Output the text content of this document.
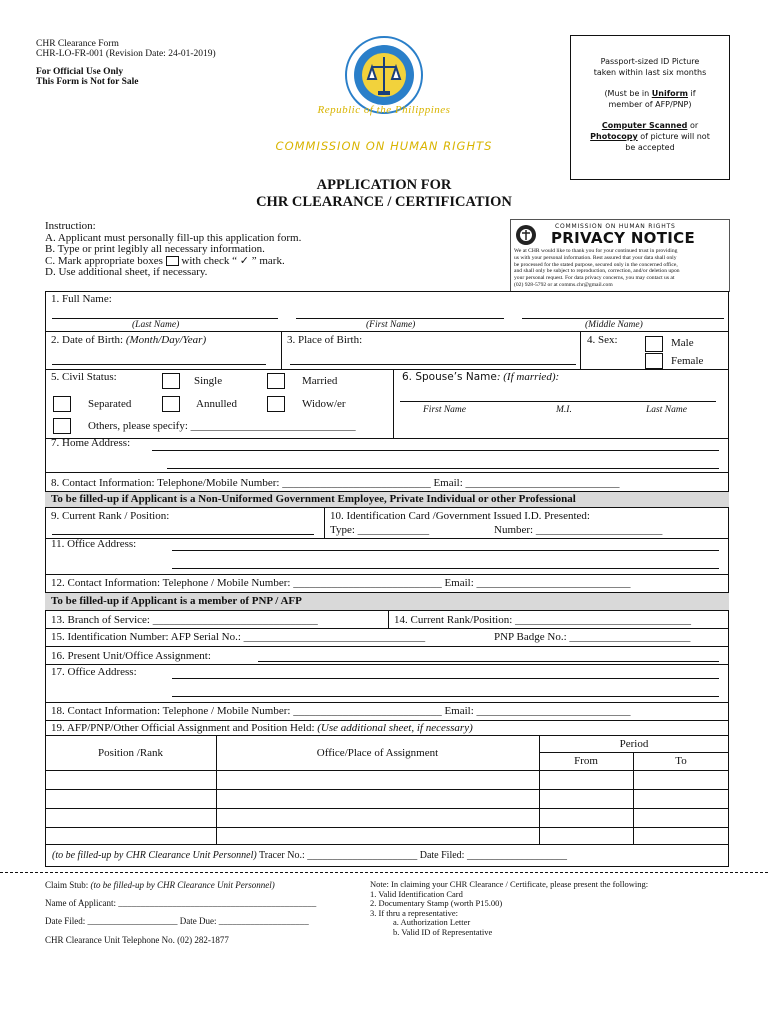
CHR Clearance Form
CHR-LO-FR-001 (Revision Date: 24-01-2019)
For Official Use Only
This Form is Not for Sale
Republic of the Philippines
COMMISSION ON HUMAN RIGHTS
Passport-sized ID Picture
taken within last six months
(Must be in Uniform if
member of AFP/PNP)
Computer Scanned or
Photocopy of picture will not
be accepted
APPLICATION FOR
CHR CLEARANCE / CERTIFICATION
Instruction:
A. Applicant must personally fill-up this application form.
B. Type or print legibly all necessary information.
C. Mark appropriate boxes with check “ ✓ ” mark.
D. Use additional sheet, if necessary.
COMMISSION ON HUMAN RIGHTS
PRIVACY NOTICE
We at CHR would like to thank you for your continued trust in providing
us with your personal information. Rest assured that your data shall only
be processed for the stated purpose, secured only in the concerned office,
and shall only be subject to reproduction, correction, and/or deletion upon
your personal request. For data privacy concerns, you may contact us at
(02) 928-5792 or at comms.chr@gmail.com
1. Full Name:
(Last Name)	(First Name)	(Middle Name)
2. Date of Birth: (Month/Day/Year)	3. Place of Birth:	4. Sex:	Male
Female
5. Civil Status:	Single	Married
Separated	Annulled	Widow/er
Others, please specify: ______________________________
6. Spouse’s Name: (If married):
First Name	M.I.	Last Name
7. Home Address:
8. Contact Information: Telephone/Mobile Number: ___________________________ Email: ____________________________
To be filled-up if Applicant is a Non-Uniformed Government Employee, Private Individual or other Professional
9. Current Rank / Position:	10. Identification Card /Government Issued I.D. Presented:
Type: _____________	Number: _______________________
11. Office Address:
12. Contact Information: Telephone / Mobile Number: ___________________________ Email: ____________________________
To be filled-up if Applicant is a member of PNP / AFP
13. Branch of Service: ______________________________	14. Current Rank/Position: ________________________________
15. Identification Number: AFP Serial No.: _________________________________	PNP Badge No.: ______________________
16. Present Unit/Office Assignment:
17. Office Address:
18. Contact Information: Telephone / Mobile Number: ___________________________ Email: ____________________________
19. AFP/PNP/Other Official Assignment and Position Held: (Use additional sheet, if necessary)
Position /Rank	Office/Place of Assignment
Period
From	To
(to be filled-up by CHR Clearance Unit Personnel) Tracer No.: ______________________ Date Filed: ____________________
Claim Stub: (to be filled-up by CHR Clearance Unit Personnel)
Name of Applicant: ____________________________________________
Date Filed: ____________________ Date Due: ____________________
CHR Clearance Unit Telephone No. (02) 282-1877
Note: In claiming your CHR Clearance / Certificate, please present the following:
1. Valid Identification Card
2. Documentary Stamp (worth P15.00)
3. If thru a representative:
a. Authorization Letter
b. Valid ID of Representative
